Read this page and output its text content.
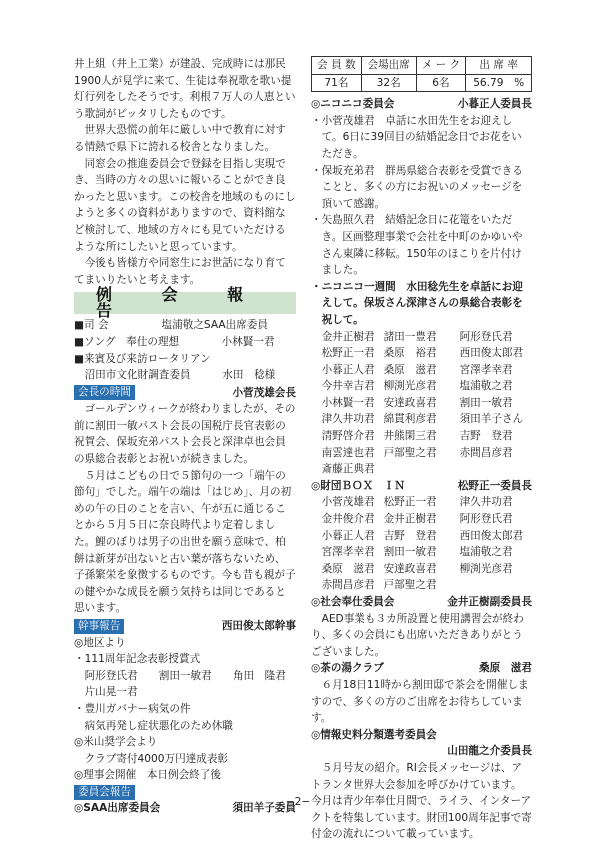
井上組（井上工業）が建設、完成時には那民1900人が見学に来て、生徒は奉祝歌を歌い提灯行列をしたそうです。利根７万人の人恵という歌詞がピッタリしたものです。

世界大恐慌の前年に厳しい中で教育に対する情熱で県下に誇れる校舎となりました。

同窓会の推進委員会で登録を目指し実現でき、当時の方々の思いに報いることができ良かったと思います。この校舎を地域のものにしようと多くの資料がありますので、資料館など検討して、地域の方々にも見ていただけるような所にしたいと思っています。

今後も皆様方や同窓生にお世話になり育ててまいりたいと考えます。

例 会 報 告

■司 会　　　　　塩浦敬之SAA出席委員

■ソング　奉仕の理想　　　　小林賢一君

■来賓及び来訪ロータリアン

沼田市文化財調査委員　　　水田　稔様

会長の時間	小菅茂雄会長

ゴールデンウィークが終わりましたが、その前に割田一敏パスト会長の国税庁長官表彰の祝賀会、保坂充弟パスト会長と深津卓也会員の県総合表彰とお祝いが続きました。

５月はこどもの日で５節句の一つ「端午の節句」でした。端午の端は「はじめ」、月の初めの午の日のことを言い、午が五に通じることから５月５日に奈良時代より定着しました。鯉のぼりは男子の出世を願う意味で、柏餅は新芽が出ないと古い葉が落ちないため、子孫繁栄を象徴するものです。今も昔も親が子の健やかな成長を願う気持ちは同じであると思います。

幹事報告	西田俊太郎幹事

◎地区より

・111周年記念表彰授賞式

阿形登氏君　　割田一敏君　　角田　隆君

片山晃一君

・豊川ガバナー病気の件

病気再発し症状悪化のため休職

◎米山奨学会より

クラブ寄付4000万円達成表彰

◎理事会開催　本日例会終了後

委員会報告
◎SAA出席委員会	須田羊子委員
会 員 数	会場出席	メ ー ク	出 席 率
71名	32名	6名	56.79　%
◎ニコニコ委員会	小暮正人委員長

・小菅茂雄君　卓話に水田先生をお迎えして。6日に39回目の結婚記念日でお花をいただき。

・保坂充弟君　群馬県総合表彰を受賞できることと、多くの方にお祝いのメッセージを頂いて感謝。

・矢島照久君　結婚記念日に花篭をいただき。区画整理事業で会社を中町のかゆいやさん東隣に移転。150年のほこりを片付けました。

・ニコニコ一週間　水田稔先生を卓話にお迎えして。保坂さん深津さんの県総合表彰を祝して。

金井正樹君 諸田一豊君	阿形登氏君
松野正一君 桑原　裕君	西田俊太郎君
小暮正人君 桑原　滋君	宮澤孝幸君
今井幸吉君 柳渕光彦君	塩浦敬之君
小林賢一君 安達政喜君	割田一敏君
津久井功君 綿貫利彦君	須田羊子さん
清野啓介君 井熊閑三君	吉野　登君
南雲達也君 戸部聖之君	赤間昌彦君
斎藤正典君
◎財団ＢＯＸ　ＩＮ	松野正一委員長
小菅茂雄君 松野正一君	津久井功君
金井俊介君 金井正樹君	阿形登氏君
小暮正人君 吉野　登君	西田俊太郎君
宮澤孝幸君 割田一敏君	塩浦敬之君
桑原　滋君 安達政喜君	柳渕光彦君
赤間昌彦君 戸部聖之君
◎社会奉仕委員会	金井正樹副委員長

AED事業も３カ所設置と使用講習会が終わり、多くの会員にも出席いただきありがとうございました。

◎茶の湯クラブ	桑原　滋君

６月18日11時から割田邸で茶会を開催しますので、多くの方のご出席をお待ちしています。

◎情報史料分類選考委員会

山田龍之介委員長

５月号友の紹介。RI会長メッセージは、アトランタ世界大会参加を呼びかけています。今月は青少年奉仕月間で、ライラ、インターアクトを特集しています。財団100周年記事で寄付金の流れについて載っています。

−2−
